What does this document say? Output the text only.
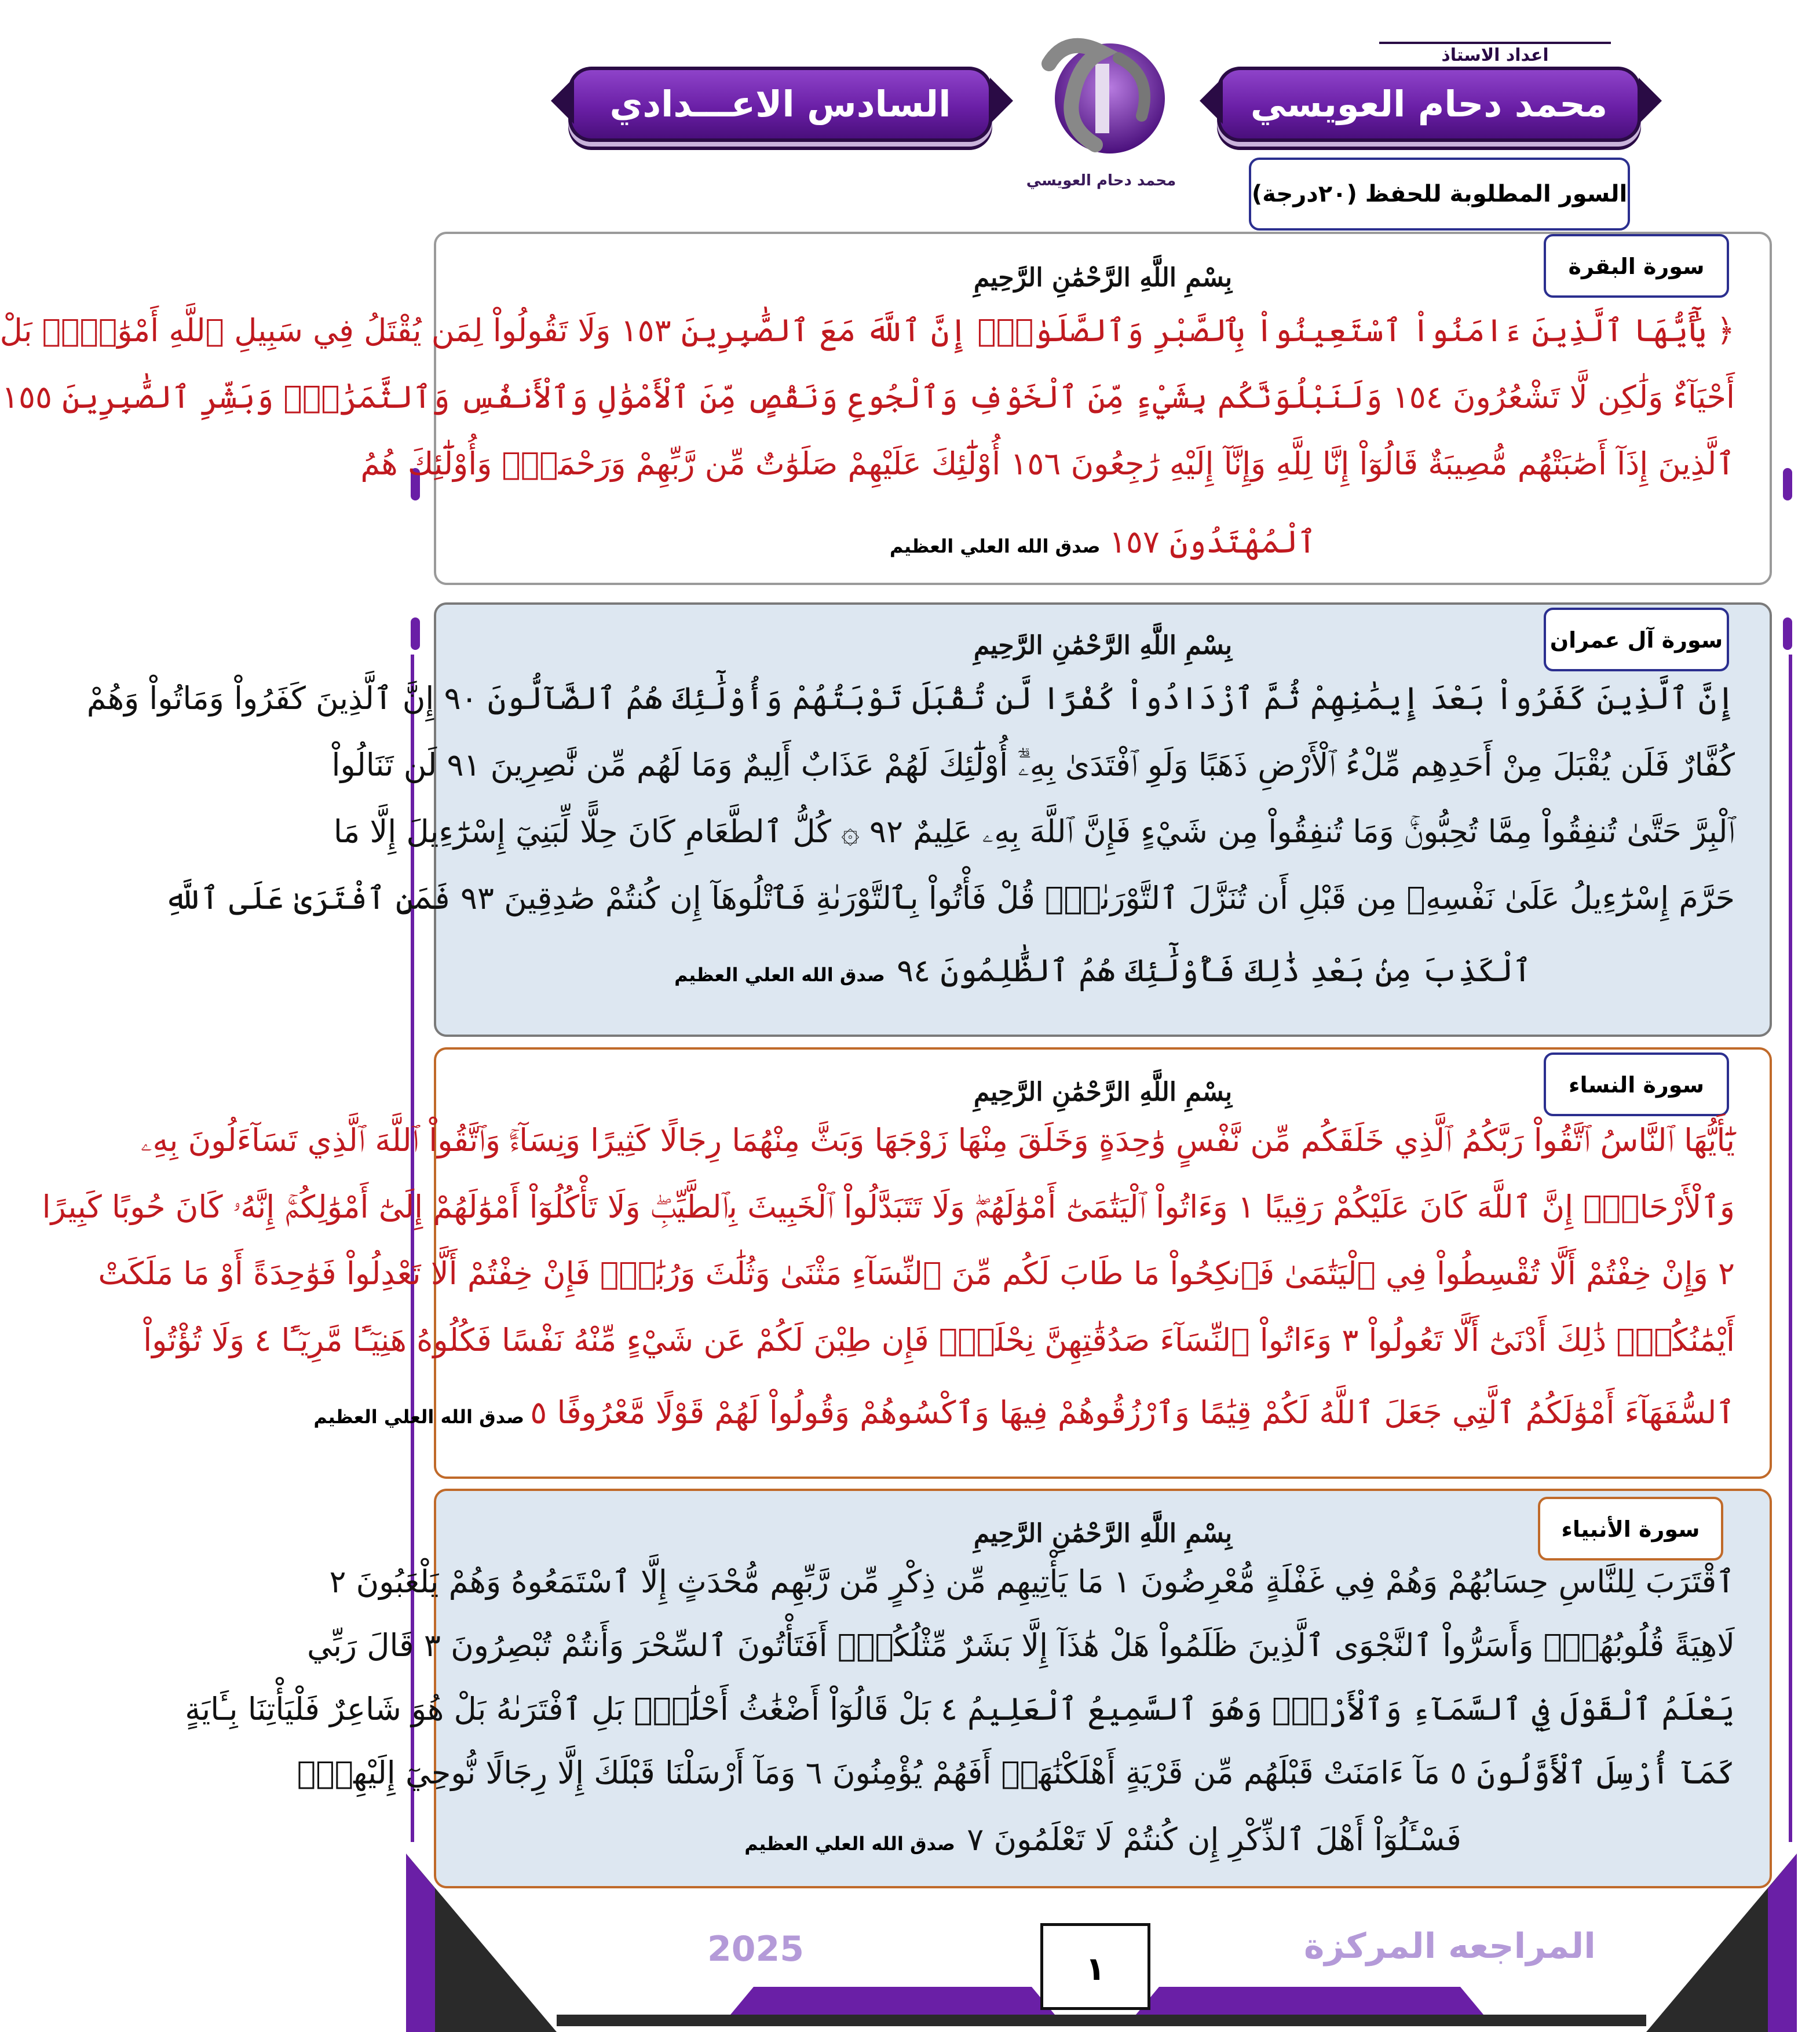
اعداد الاستاذ
محمد دحام العويسي
السادس الاعـــدادي
محمد دحام العويسي	السور المطلوبة للحفظ (٢٠درجة)
سورة البقرة
بِسْمِ اللَّهِ الرَّحْمَٰنِ الرَّحِيمِ
﴿ يَٰٓأَيُّهَا ٱلَّذِينَ ءَامَنُواْ ٱسْتَعِينُواْ بِٱلصَّبْرِ وَٱلصَّلَوٰةِۚ إِنَّ ٱللَّهَ مَعَ ٱلصَّٰبِرِينَ ١٥٣ وَلَا تَقُولُواْ لِمَن يُقْتَلُ فِي سَبِيلِ ٱللَّهِ أَمْوَٰتٌۢۚ بَلْ
أَحْيَآءٌ وَلَٰكِن لَّا تَشْعُرُونَ ١٥٤ وَلَنَبْلُوَنَّكُم بِشَيْءٍ مِّنَ ٱلْخَوْفِ وَٱلْجُوعِ وَنَقْصٍ مِّنَ ٱلْأَمْوَٰلِ وَٱلْأَنفُسِ وَٱلثَّمَرَٰتِۗ وَبَشِّرِ ٱلصَّٰبِرِينَ ١٥٥
ٱلَّذِينَ إِذَآ أَصَٰبَتْهُم مُّصِيبَةٌ قَالُوٓاْ إِنَّا لِلَّهِ وَإِنَّآ إِلَيْهِ رَٰجِعُونَ ١٥٦ أُوْلَٰٓئِكَ عَلَيْهِمْ صَلَوَٰتٌ مِّن رَّبِّهِمْ وَرَحْمَةٌۖ وَأُوْلَٰٓئِكَ هُمُ
ٱلْمُهْتَدُونَ ١٥٧   صدق الله العلي العظيم
سورة آل عمران
بِسْمِ اللَّهِ الرَّحْمَٰنِ الرَّحِيمِ
إِنَّ ٱلَّذِينَ كَفَرُواْ بَعْدَ إِيمَٰنِهِمْ ثُمَّ ٱزْدَادُواْ كُفْرًا لَّن تُقْبَلَ تَوْبَتُهُمْ وَأُوْلَٰٓئِكَ هُمُ ٱلضَّآلُّونَ ٩٠ إِنَّ ٱلَّذِينَ كَفَرُواْ وَمَاتُواْ وَهُمْ
كُفَّارٌ فَلَن يُقْبَلَ مِنْ أَحَدِهِم مِّلْءُ ٱلْأَرْضِ ذَهَبًا وَلَوِ ٱفْتَدَىٰ بِهِۦٓۗ أُوْلَٰٓئِكَ لَهُمْ عَذَابٌ أَلِيمٌ وَمَا لَهُم مِّن نَّٰصِرِينَ ٩١ لَن تَنَالُواْ
ٱلْبِرَّ حَتَّىٰ تُنفِقُواْ مِمَّا تُحِبُّونَۚ وَمَا تُنفِقُواْ مِن شَيْءٍ فَإِنَّ ٱللَّهَ بِهِۦ عَلِيمٌ ٩٢ ۞ كُلُّ ٱلطَّعَامِ كَانَ حِلًّا لِّبَنِيٓ إِسْرَٰٓءِيلَ إِلَّا مَا
حَرَّمَ إِسْرَٰٓءِيلُ عَلَىٰ نَفْسِهِۦ مِن قَبْلِ أَن تُنَزَّلَ ٱلتَّوْرَىٰةُۚ قُلْ فَأْتُواْ بِٱلتَّوْرَىٰةِ فَٱتْلُوهَآ إِن كُنتُمْ صَٰدِقِينَ ٩٣ فَمَنِ ٱفْتَرَىٰ عَلَى ٱللَّهِ
ٱلْكَذِبَ مِنۢ بَعْدِ ذَٰلِكَ فَأُوْلَٰٓئِكَ هُمُ ٱلظَّٰلِمُونَ ٩٤    صدق الله العلي العظيم
سورة النساء
بِسْمِ اللَّهِ الرَّحْمَٰنِ الرَّحِيمِ
يَٰٓأَيُّهَا ٱلنَّاسُ ٱتَّقُواْ رَبَّكُمُ ٱلَّذِي خَلَقَكُم مِّن نَّفْسٍ وَٰحِدَةٍ وَخَلَقَ مِنْهَا زَوْجَهَا وَبَثَّ مِنْهُمَا رِجَالًا كَثِيرًا وَنِسَآءًۚ وَٱتَّقُواْ ٱللَّهَ ٱلَّذِي تَسَآءَلُونَ بِهِۦ
وَٱلْأَرْحَامَۚ إِنَّ ٱللَّهَ كَانَ عَلَيْكُمْ رَقِيبًا ١ وَءَاتُواْ ٱلْيَتَٰمَىٰٓ أَمْوَٰلَهُمْۖ وَلَا تَتَبَدَّلُواْ ٱلْخَبِيثَ بِٱلطَّيِّبِۖ وَلَا تَأْكُلُوٓاْ أَمْوَٰلَهُمْ إِلَىٰٓ أَمْوَٰلِكُمْۚ إِنَّهُۥ كَانَ حُوبًا كَبِيرًا
٢ وَإِنْ خِفْتُمْ أَلَّا تُقْسِطُواْ فِي ٱلْيَتَٰمَىٰ فَٱنكِحُواْ مَا طَابَ لَكُم مِّنَ ٱلنِّسَآءِ مَثْنَىٰ وَثُلَٰثَ وَرُبَٰعَۖ فَإِنْ خِفْتُمْ أَلَّا تَعْدِلُواْ فَوَٰحِدَةً أَوْ مَا مَلَكَتْ
أَيْمَٰنُكُمْۚ ذَٰلِكَ أَدْنَىٰٓ أَلَّا تَعُولُواْ ٣ وَءَاتُواْ ٱلنِّسَآءَ صَدُقَٰتِهِنَّ نِحْلَةًۚ فَإِن طِبْنَ لَكُمْ عَن شَيْءٍ مِّنْهُ نَفْسًا فَكُلُوهُ هَنِيٓـًٔا مَّرِيٓـًٔا ٤ وَلَا تُؤْتُواْ
ٱلسُّفَهَآءَ أَمْوَٰلَكُمُ ٱلَّتِي جَعَلَ ٱللَّهُ لَكُمْ قِيَٰمًا وَٱرْزُقُوهُمْ فِيهَا وَٱكْسُوهُمْ وَقُولُواْ لَهُمْ قَوْلًا مَّعْرُوفًا ٥  صدق الله العلي العظيم
سورة الأنبياء
بِسْمِ اللَّهِ الرَّحْمَٰنِ الرَّحِيمِ
ٱقْتَرَبَ لِلنَّاسِ حِسَابُهُمْ وَهُمْ فِي غَفْلَةٍ مُّعْرِضُونَ ١ مَا يَأْتِيهِم مِّن ذِكْرٍ مِّن رَّبِّهِم مُّحْدَثٍ إِلَّا ٱسْتَمَعُوهُ وَهُمْ يَلْعَبُونَ ٢
لَاهِيَةً قُلُوبُهُمْۗ وَأَسَرُّواْ ٱلنَّجْوَى ٱلَّذِينَ ظَلَمُواْ هَلْ هَٰذَآ إِلَّا بَشَرٌ مِّثْلُكُمْۖ أَفَتَأْتُونَ ٱلسِّحْرَ وَأَنتُمْ تُبْصِرُونَ ٣ قَالَ رَبِّي
يَعْلَمُ ٱلْقَوْلَ فِي ٱلسَّمَآءِ وَٱلْأَرْضِۖ وَهُوَ ٱلسَّمِيعُ ٱلْعَلِيمُ ٤ بَلْ قَالُوٓاْ أَضْغَٰثُ أَحْلَٰمٍۭ بَلِ ٱفْتَرَىٰهُ بَلْ هُوَ شَاعِرٌ فَلْيَأْتِنَا بِـَٔايَةٍ
كَمَآ أُرْسِلَ ٱلْأَوَّلُونَ ٥ مَآ ءَامَنَتْ قَبْلَهُم مِّن قَرْيَةٍ أَهْلَكْنَٰهَآۖ أَفَهُمْ يُؤْمِنُونَ ٦ وَمَآ أَرْسَلْنَا قَبْلَكَ إِلَّا رِجَالًا نُّوحِيٓ إِلَيْهِمْۖ
فَسْـَٔلُوٓاْ أَهْلَ ٱلذِّكْرِ إِن كُنتُمْ لَا تَعْلَمُونَ ٧    صدق الله العلي العظيم
2025	١
المراجعه المركزة
